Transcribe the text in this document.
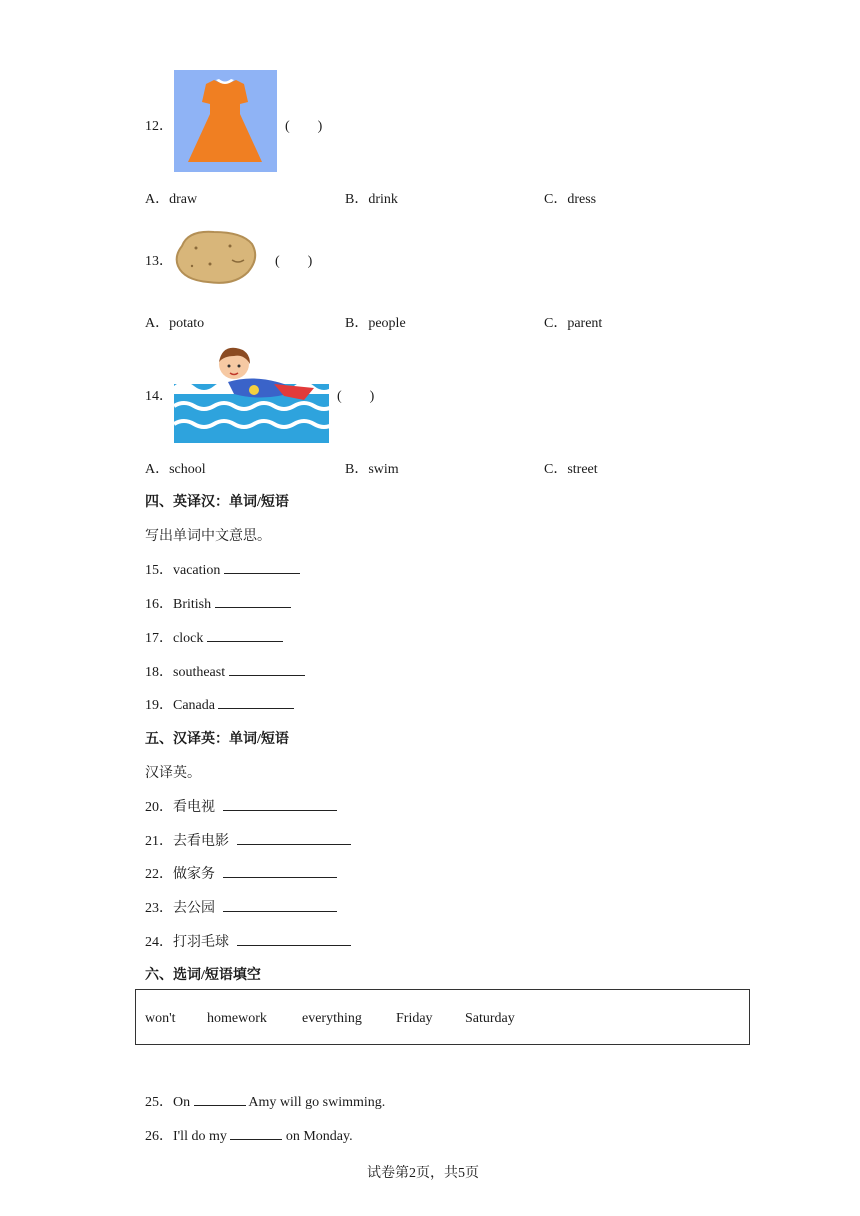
12．	(　　)
A．draw	B．drink	C．dress
13．	(　　)
A．potato	B．people	C．parent
14．	(　　)
A．school	B．swim	C．street
四、英译汉：单词/短语
写出单词中文意思。
15．vacation
16．British
17．clock
18．southeast
19．Canada
五、汉译英：单词/短语
汉译英。
20．看电视
21．去看电影
22．做家务
23．去公园
24．打羽毛球
六、选词/短语填空
won't homework	everything Friday Saturday
25．On	Amy will go swimming.
26．I'll do my	on Monday.
试卷第2页，共5页
